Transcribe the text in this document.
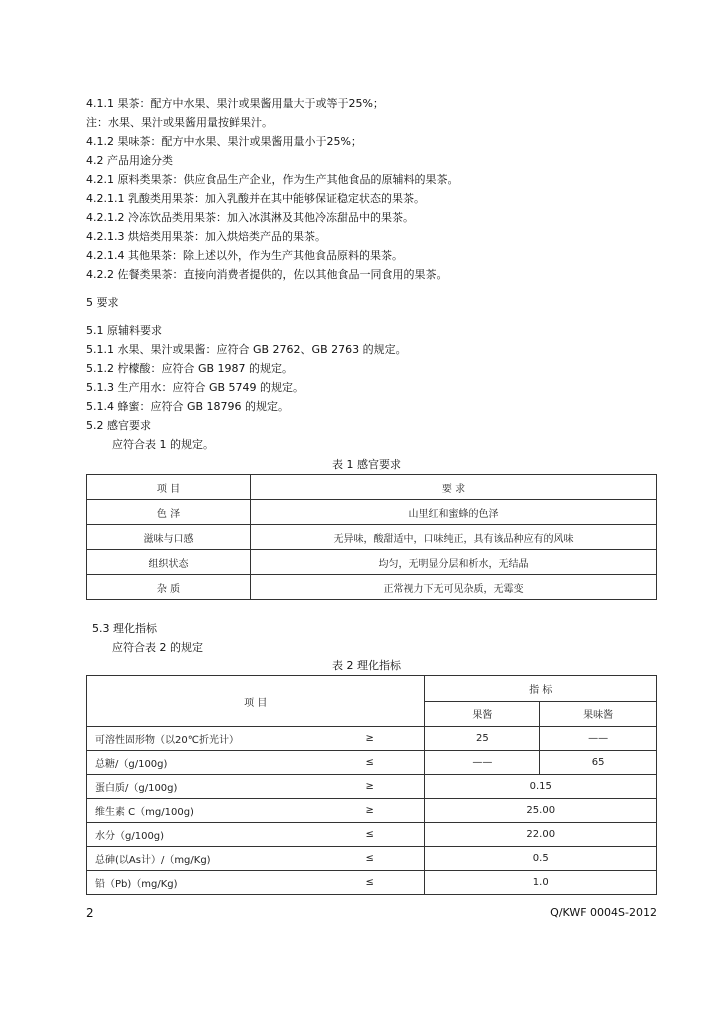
4.1.1 果茶：配方中水果、果汁或果酱用量大于或等于25%；
注：水果、果汁或果酱用量按鲜果汁。
4.1.2 果味茶：配方中水果、果汁或果酱用量小于25%；
4.2 产品用途分类
4.2.1 原料类果茶：供应食品生产企业，作为生产其他食品的原辅料的果茶。
4.2.1.1 乳酸类用果茶：加入乳酸并在其中能够保证稳定状态的果茶。
4.2.1.2 冷冻饮品类用果茶：加入冰淇淋及其他冷冻甜品中的果茶。
4.2.1.3 烘焙类用果茶：加入烘焙类产品的果茶。
4.2.1.4 其他果茶：除上述以外，作为生产其他食品原料的果茶。
4.2.2 佐餐类果茶：直接向消费者提供的，佐以其他食品一同食用的果茶。
5 要求
5.1 原辅料要求
5.1.1 水果、果汁或果酱：应符合 GB 2762、GB 2763 的规定。
5.1.2 柠檬酸：应符合 GB 1987 的规定。
5.1.3 生产用水：应符合 GB 5749 的规定。
5.1.4 蜂蜜：应符合 GB 18796 的规定。
5.2 感官要求
应符合表 1 的规定。
表 1 感官要求
项 目	要 求
色 泽	山里红和蜜蜂的色泽
滋味与口感	无异味，酸甜适中，口味纯正，具有该品种应有的风味
组织状态	均匀，无明显分层和析水，无结晶
杂 质	正常视力下无可见杂质，无霉变
5.3 理化指标
应符合表 2 的规定
表 2 理化指标
项 目		指 标	
		果酱	果味酱
可溶性固形物（以20℃折光计）	≥	25	——
总糖/（g/100g)	≤	——	65
蛋白质/（g/100g)	≥	0.15	
维生素 C（mg/100g)	≥	25.00	
水分（g/100g)	≤	22.00	
总砷(以As计）/（mg/Kg)	≤	0.5	
铅（Pb)（mg/Kg)	≤	1.0	
2	Q/KWF 0004S-2012
